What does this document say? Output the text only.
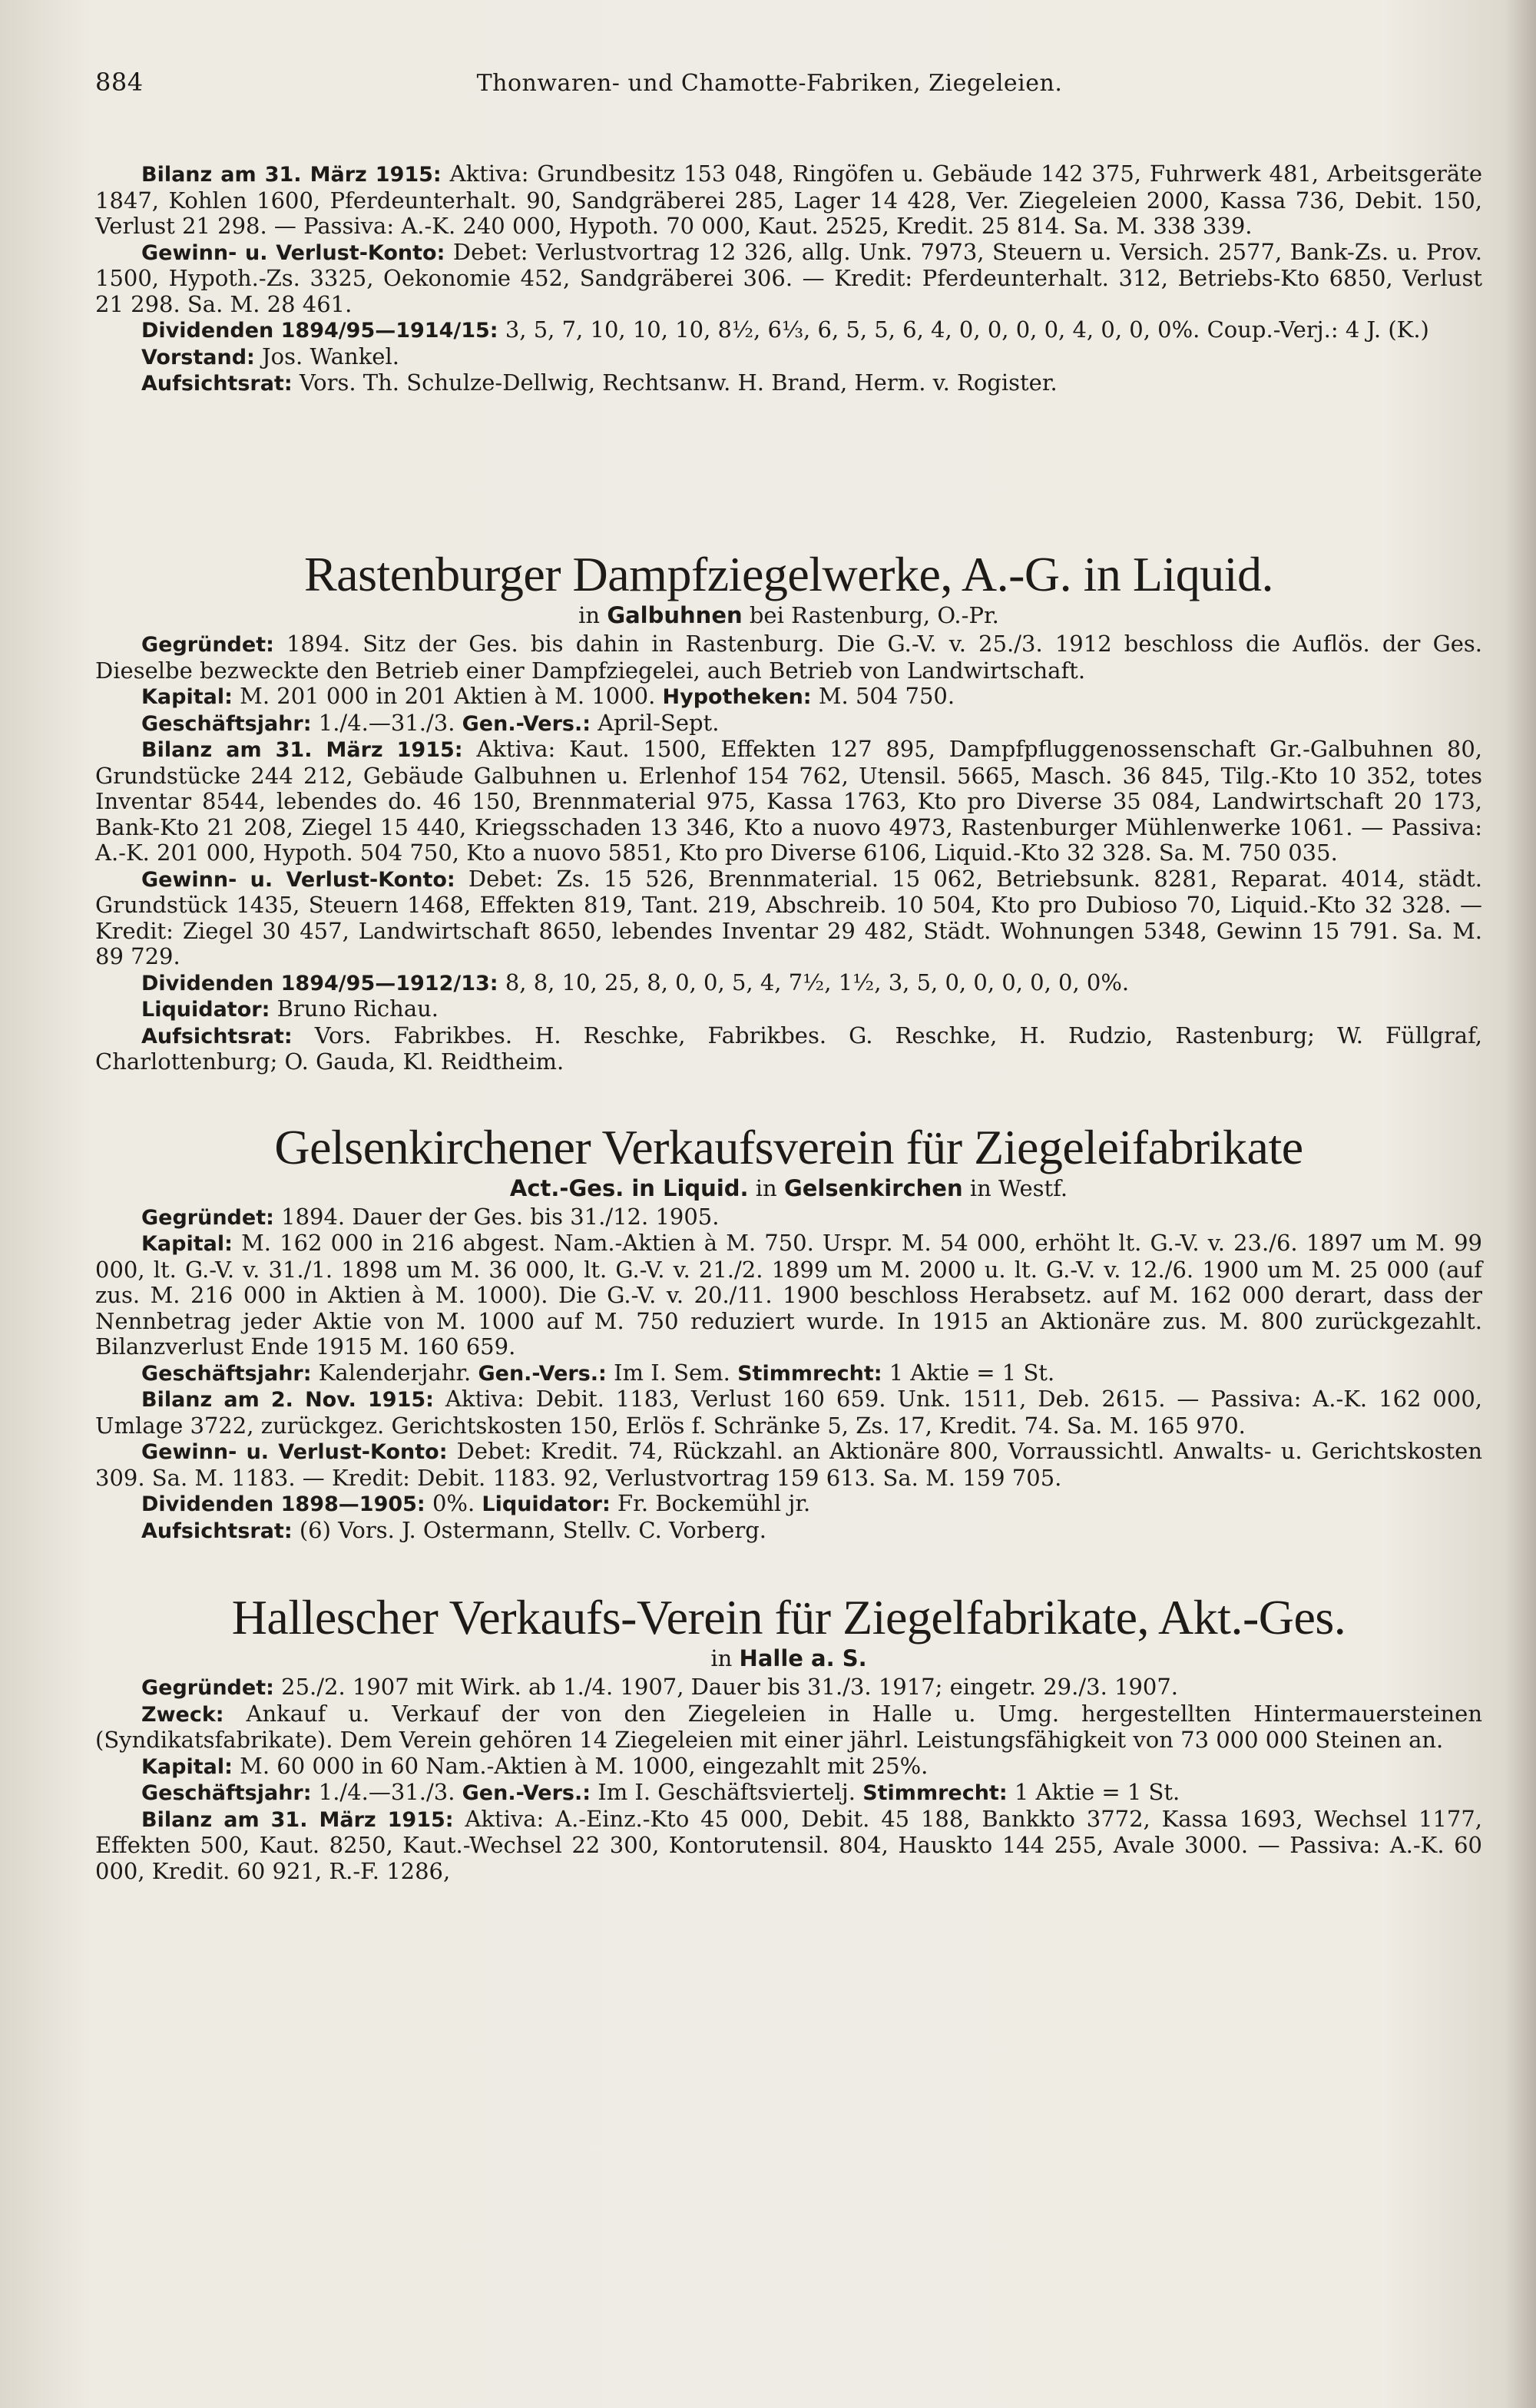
884	Thonwaren- und Chamotte-Fabriken, Ziegeleien.

Bilanz am 31. März 1915: Aktiva: Grundbesitz 153 048, Ringöfen u. Gebäude 142 375, Fuhrwerk 481, Arbeitsgeräte 1847, Kohlen 1600, Pferdeunterhalt. 90, Sandgräberei 285, Lager 14 428, Ver. Ziegeleien 2000, Kassa 736, Debit. 150, Verlust 21 298. — Passiva: A.-K. 240 000, Hypoth. 70 000, Kaut. 2525, Kredit. 25 814. Sa. M. 338 339.

Gewinn- u. Verlust-Konto: Debet: Verlustvortrag 12 326, allg. Unk. 7973, Steuern u. Versich. 2577, Bank-Zs. u. Prov. 1500, Hypoth.-Zs. 3325, Oekonomie 452, Sandgräberei 306. — Kredit: Pferdeunterhalt. 312, Betriebs-Kto 6850, Verlust 21 298. Sa. M. 28 461.

Dividenden 1894/95—1914/15: 3, 5, 7, 10, 10, 10, 8½, 6⅓, 6, 5, 5, 6, 4, 0, 0, 0, 0, 4, 0, 0, 0%. Coup.-Verj.: 4 J. (K.)

Vorstand: Jos. Wankel.

Aufsichtsrat: Vors. Th. Schulze-Dellwig, Rechtsanw. H. Brand, Herm. v. Rogister.

Rastenburger Dampfziegelwerke, A.-G. in Liquid.
in Galbuhnen bei Rastenburg, O.-Pr.

Gegründet: 1894. Sitz der Ges. bis dahin in Rastenburg. Die G.-V. v. 25./3. 1912 beschloss die Auflös. der Ges. Dieselbe bezweckte den Betrieb einer Dampfziegelei, auch Betrieb von Landwirtschaft.

Kapital: M. 201 000 in 201 Aktien à M. 1000. Hypotheken: M. 504 750.

Geschäftsjahr: 1./4.—31./3. Gen.-Vers.: April-Sept.

Bilanz am 31. März 1915: Aktiva: Kaut. 1500, Effekten 127 895, Dampfpfluggenossenschaft Gr.-Galbuhnen 80, Grundstücke 244 212, Gebäude Galbuhnen u. Erlenhof 154 762, Utensil. 5665, Masch. 36 845, Tilg.-Kto 10 352, totes Inventar 8544, lebendes do. 46 150, Brennmaterial 975, Kassa 1763, Kto pro Diverse 35 084, Landwirtschaft 20 173, Bank-Kto 21 208, Ziegel 15 440, Kriegsschaden 13 346, Kto a nuovo 4973, Rastenburger Mühlenwerke 1061. — Passiva: A.-K. 201 000, Hypoth. 504 750, Kto a nuovo 5851, Kto pro Diverse 6106, Liquid.-Kto 32 328. Sa. M. 750 035.

Gewinn- u. Verlust-Konto: Debet: Zs. 15 526, Brennmaterial. 15 062, Betriebsunk. 8281, Reparat. 4014, städt. Grundstück 1435, Steuern 1468, Effekten 819, Tant. 219, Abschreib. 10 504, Kto pro Dubioso 70, Liquid.-Kto 32 328. — Kredit: Ziegel 30 457, Landwirtschaft 8650, lebendes Inventar 29 482, Städt. Wohnungen 5348, Gewinn 15 791. Sa. M. 89 729.

Dividenden 1894/95—1912/13: 8, 8, 10, 25, 8, 0, 0, 5, 4, 7½, 1½, 3, 5, 0, 0, 0, 0, 0, 0%.

Liquidator: Bruno Richau.

Aufsichtsrat: Vors. Fabrikbes. H. Reschke, Fabrikbes. G. Reschke, H. Rudzio, Rastenburg; W. Füllgraf, Charlottenburg; O. Gauda, Kl. Reidtheim.

Gelsenkirchener Verkaufsverein für Ziegeleifabrikate
Act.-Ges. in Liquid. in Gelsenkirchen in Westf.

Gegründet: 1894. Dauer der Ges. bis 31./12. 1905.

Kapital: M. 162 000 in 216 abgest. Nam.-Aktien à M. 750. Urspr. M. 54 000, erhöht lt. G.-V. v. 23./6. 1897 um M. 99 000, lt. G.-V. v. 31./1. 1898 um M. 36 000, lt. G.-V. v. 21./2. 1899 um M. 2000 u. lt. G.-V. v. 12./6. 1900 um M. 25 000 (auf zus. M. 216 000 in Aktien à M. 1000). Die G.-V. v. 20./11. 1900 beschloss Herabsetz. auf M. 162 000 derart, dass der Nennbetrag jeder Aktie von M. 1000 auf M. 750 reduziert wurde. In 1915 an Aktionäre zus. M. 800 zurückgezahlt. Bilanzverlust Ende 1915 M. 160 659.

Geschäftsjahr: Kalenderjahr. Gen.-Vers.: Im I. Sem. Stimmrecht: 1 Aktie = 1 St.

Bilanz am 2. Nov. 1915: Aktiva: Debit. 1183, Verlust 160 659. Unk. 1511, Deb. 2615. — Passiva: A.-K. 162 000, Umlage 3722, zurückgez. Gerichtskosten 150, Erlös f. Schränke 5, Zs. 17, Kredit. 74. Sa. M. 165 970.

Gewinn- u. Verlust-Konto: Debet: Kredit. 74, Rückzahl. an Aktionäre 800, Vorraussichtl. Anwalts- u. Gerichtskosten 309. Sa. M. 1183. — Kredit: Debit. 1183. 92, Verlustvortrag 159 613. Sa. M. 159 705.

Dividenden 1898—1905: 0%. Liquidator: Fr. Bockemühl jr.

Aufsichtsrat: (6) Vors. J. Ostermann, Stellv. C. Vorberg.

Hallescher Verkaufs-Verein für Ziegelfabrikate, Akt.-Ges.
in Halle a. S.

Gegründet: 25./2. 1907 mit Wirk. ab 1./4. 1907, Dauer bis 31./3. 1917; eingetr. 29./3. 1907.

Zweck: Ankauf u. Verkauf der von den Ziegeleien in Halle u. Umg. hergestellten Hintermauersteinen (Syndikatsfabrikate). Dem Verein gehören 14 Ziegeleien mit einer jährl. Leistungsfähigkeit von 73 000 000 Steinen an.

Kapital: M. 60 000 in 60 Nam.-Aktien à M. 1000, eingezahlt mit 25%.

Geschäftsjahr: 1./4.—31./3. Gen.-Vers.: Im I. Geschäftsviertelj. Stimmrecht: 1 Aktie = 1 St.

Bilanz am 31. März 1915: Aktiva: A.-Einz.-Kto 45 000, Debit. 45 188, Bankkto 3772, Kassa 1693, Wechsel 1177, Effekten 500, Kaut. 8250, Kaut.-Wechsel 22 300, Kontorutensil. 804, Hauskto 144 255, Avale 3000. — Passiva: A.-K. 60 000, Kredit. 60 921, R.-F. 1286,
